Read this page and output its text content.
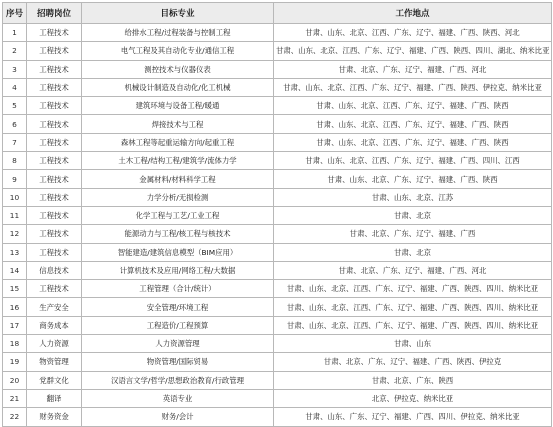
序号	招聘岗位	目标专业	工作地点
1	工程技术	给排水工程/过程装备与控制工程	甘肃、山东、北京、江西、广东、辽宁、福建、广西、陕西、河北
2	工程技术	电气工程及其自动化专业/通信工程	甘肃、山东、北京、江西、广东、辽宁、福建、广西、陕西、四川、湖北、纳米比亚
3	工程技术	测控技术与仪器仪表	甘肃、北京、广东、辽宁、福建、广西、河北
4	工程技术	机械设计制造及自动化/化工机械	甘肃、山东、北京、江西、广东、辽宁、福建、广西、陕西、伊拉克、纳米比亚
5	工程技术	建筑环境与设备工程/暖通	甘肃、山东、北京、江西、广东、辽宁、福建、广西、陕西
6	工程技术	焊接技术与工程	甘肃、山东、北京、江西、广东、辽宁、福建、广西、陕西
7	工程技术	森林工程等起重运输方向/起重工程	甘肃、山东、北京、江西、广东、辽宁、福建、广西、陕西
8	工程技术	土木工程/结构工程/建筑学/流体力学	甘肃、山东、北京、江西、广东、辽宁、福建、广西、四川、江西
9	工程技术	金属材料/材料科学工程	甘肃、山东、北京、广东、辽宁、福建、广西、陕西
10	工程技术	力学分析/无损检测	甘肃、山东、北京、江苏
11	工程技术	化学工程与工艺/工业工程	甘肃、北京
12	工程技术	能源动力与工程/核工程与核技术	甘肃、北京、广东、辽宁、福建、广西
13	工程技术	智能建造/建筑信息模型（BIM应用）	甘肃、北京
14	信息技术	计算机技术及应用/网络工程/大数据	甘肃、北京、广东、辽宁、福建、广西、河北
15	工程技术	工程管理（合计/统计）	甘肃、山东、北京、江西、广东、辽宁、福建、广西、陕西、四川、纳米比亚
16	生产安全	安全管理/环境工程	甘肃、山东、北京、江西、广东、辽宁、福建、广西、陕西、四川、纳米比亚
17	商务成本	工程造价/工程预算	甘肃、山东、北京、江西、广东、辽宁、福建、广西、陕西、四川、纳米比亚
18	人力资源	人力资源管理	甘肃、山东
19	物资管理	物资管理/国际贸易	甘肃、北京、广东、辽宁、福建、广西、陕西、伊拉克
20	党群文化	汉语言文学/哲学/思想政治教育/行政管理	甘肃、北京、广东、陕西
21	翻译	英语专业	北京、伊拉克、纳米比亚
22	财务资金	财务/会计	甘肃、山东、广东、辽宁、福建、广西、四川、伊拉克、纳米比亚
